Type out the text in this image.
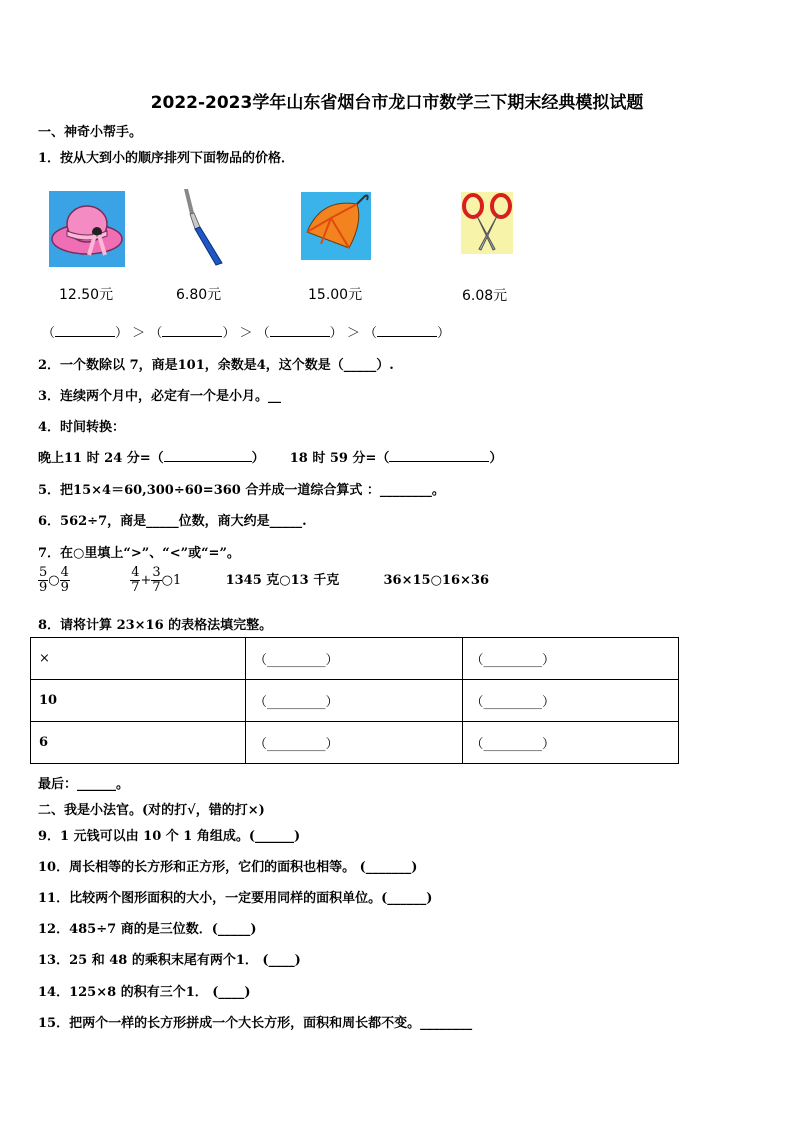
2022-2023学年山东省烟台市龙口市数学三下期末经典模拟试题
一、神奇小帮手。
1．按从大到小的顺序排列下面物品的价格．
12.50元	6.80元	15.00元	6.08元
（	） ＞ （	） ＞ （	） ＞ （	）
2．一个数除以 7，商是101，余数是4，这个数是（_____）.
3．连续两个月中，必定有一个是小月。__
4．时间转换：
晚上11 时 24 分=（	） 18 时 59 分=（	）
5．把15×4＝60,300÷60=360 合并成一道综合算式 ：________。
6．562÷7，商是_____位数，商大约是_____.
7．在○里填上“>”、“<”或“=”。
$\frac{5}{9}$ ○ $\frac{4}{9}$
	$\frac{4}{7} + \frac{3}{7}$ ○1	1345 克○13 千克	36×15○16×36
8．请将计算 23×16 的表格法填完整。
×	（_________）	（_________）
10	（_________）	（_________）
6	（_________）	（_________）
最后：______。
二、我是小法官。(对的打√，错的打×)
9．1 元钱可以由 10 个 1 角组成。(______)
10．周长相等的长方形和正方形，它们的面积也相等。 (_______)
11．比较两个图形面积的大小，一定要用同样的面积单位。(______)
12．485÷7 商的是三位数．(_____)
13．25 和 48 的乘积末尾有两个1． (____)
14．125×8 的积有三个1． (____)
15．把两个一样的长方形拼成一个大长方形，面积和周长都不变。________
